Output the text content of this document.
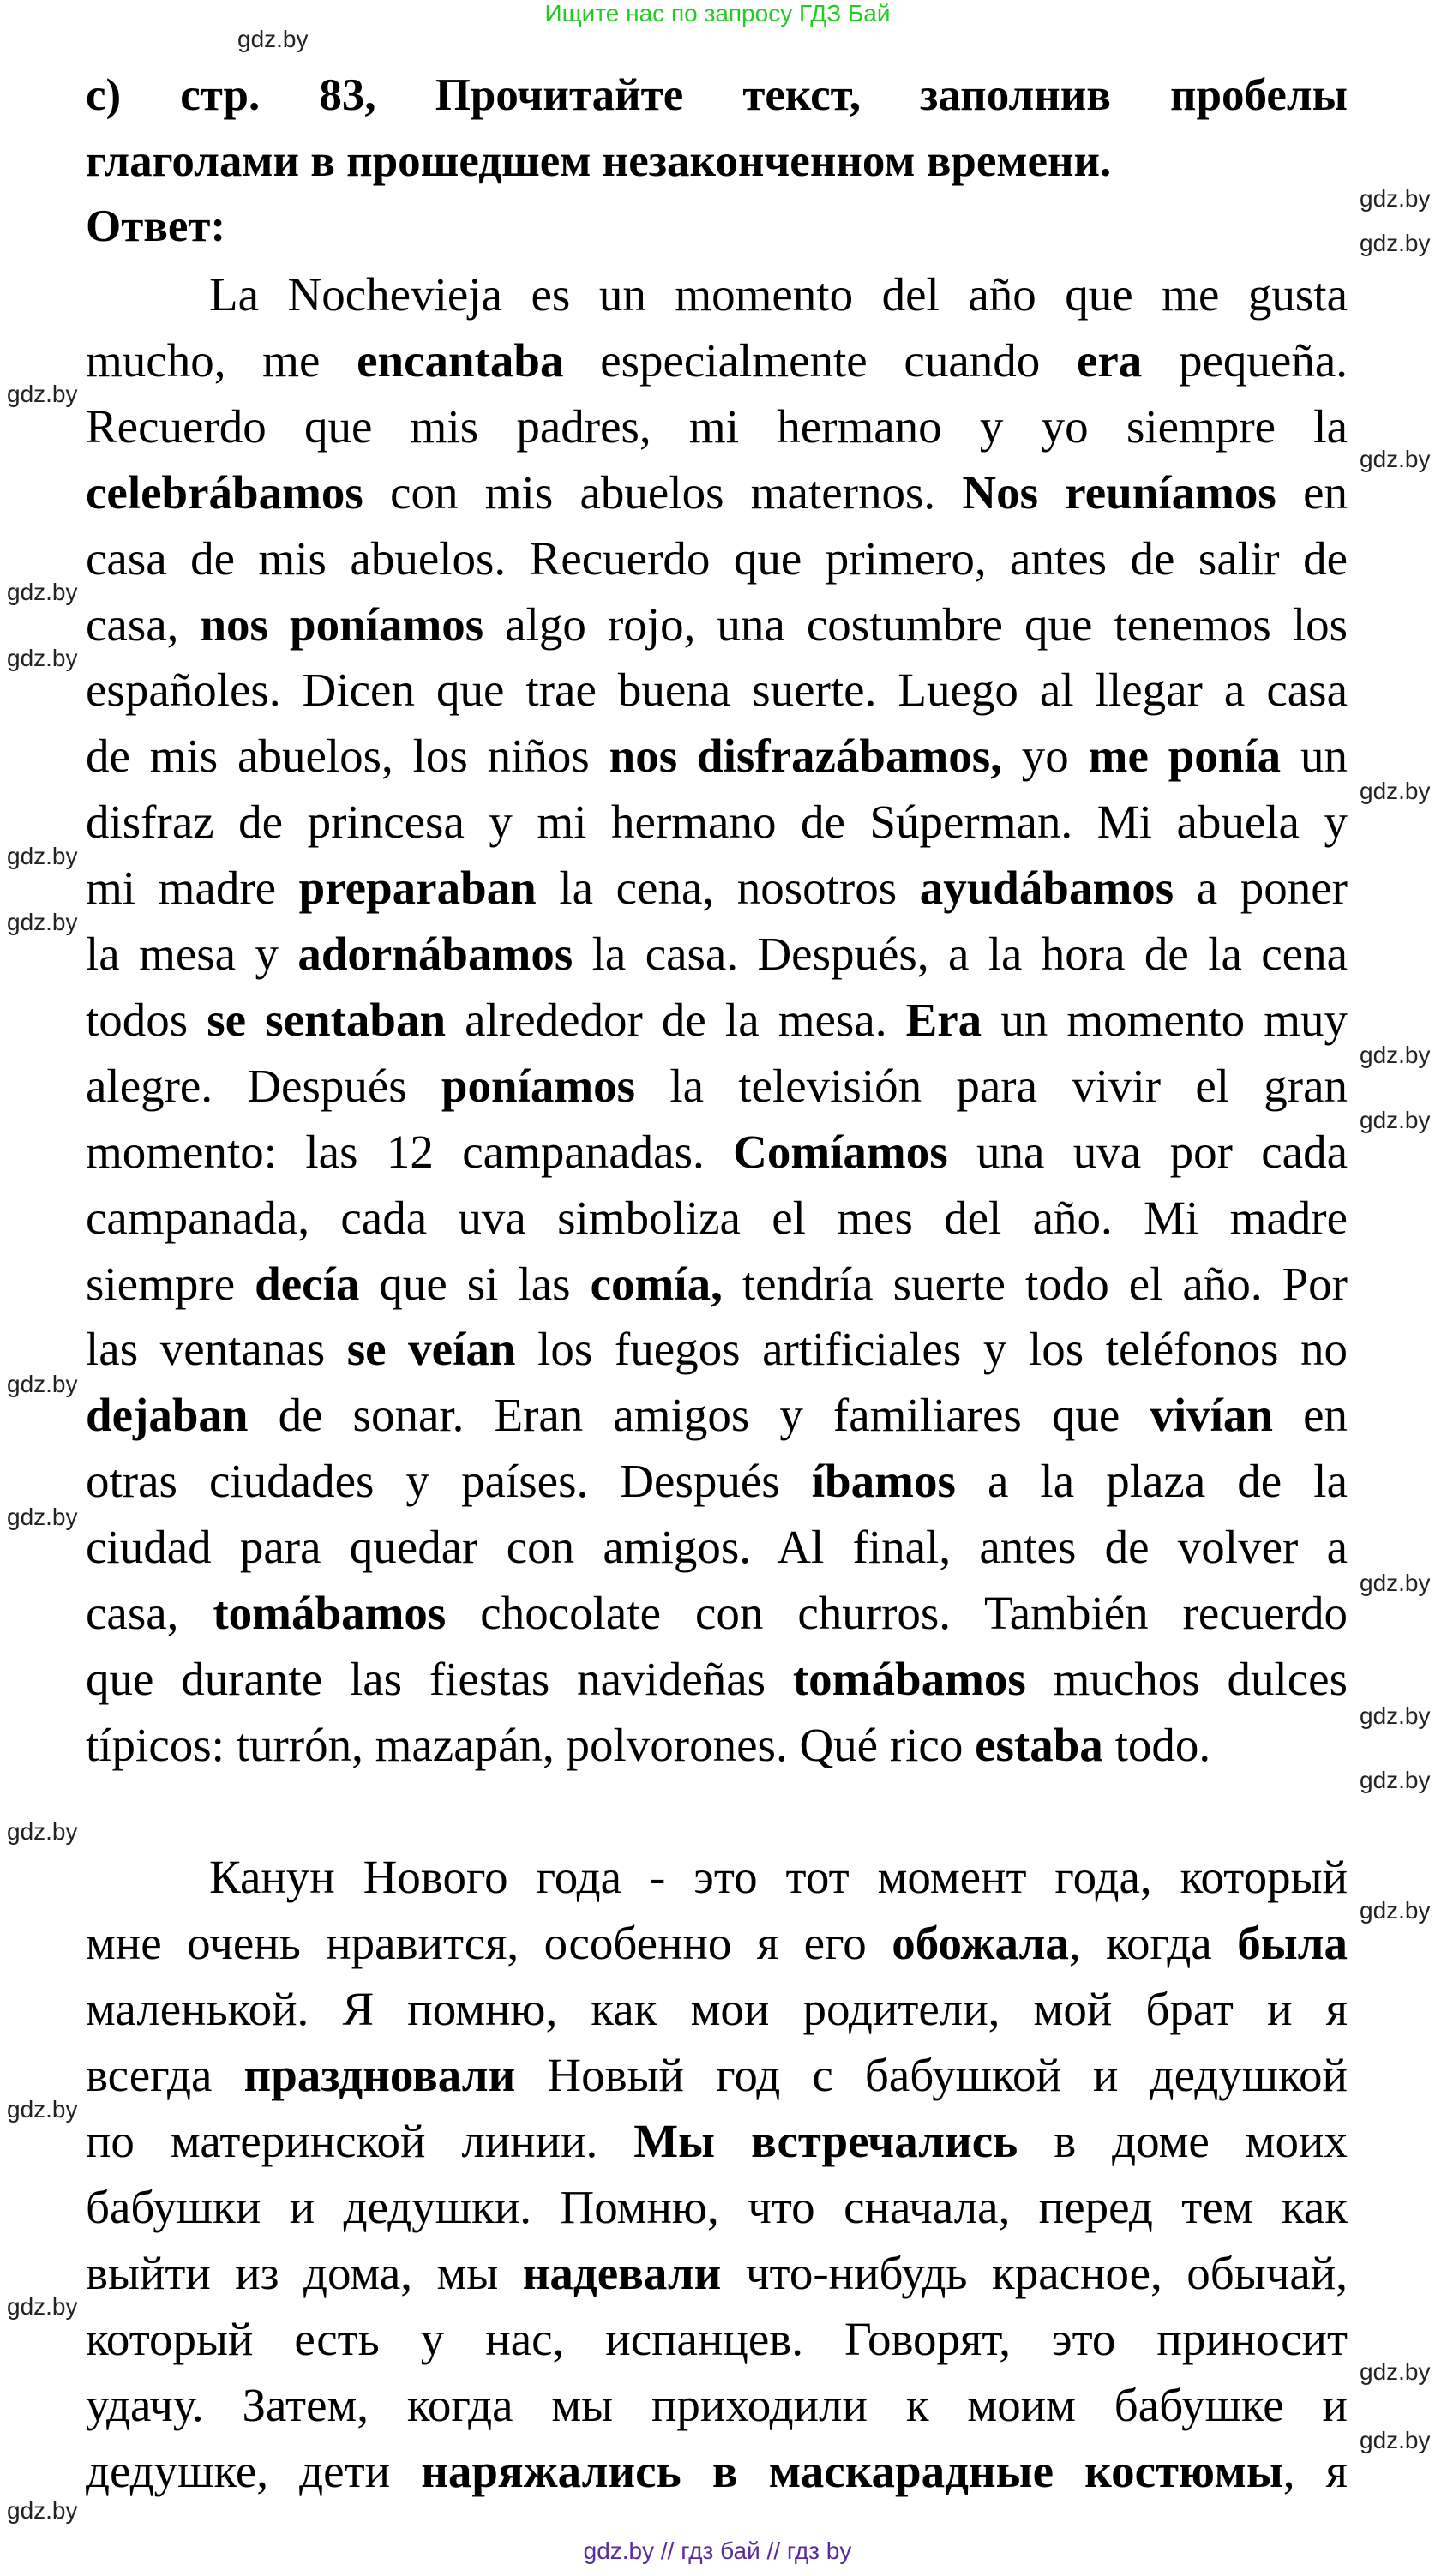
Ищите нас по запросу ГДЗ Бай
c) стр. 83, Прочитайте текст, заполнив пробелы
глаголами в прошедшем незаконченном времени.
Ответ:
La Nochevieja es un momento del año que me gusta
mucho, me encantaba especialmente cuando era pequeña.
Recuerdo que mis padres, mi hermano y yo siempre la
celebrábamos con mis abuelos maternos. Nos reuníamos en
casa de mis abuelos. Recuerdo que primero, antes de salir de
casa, nos poníamos algo rojo, una costumbre que tenemos los
españoles. Dicen que trae buena suerte. Luego al llegar a casa
de mis abuelos, los niños nos disfrazábamos, yo me ponía un
disfraz de princesa y mi hermano de Súperman. Mi abuela y
mi madre preparaban la cena, nosotros ayudábamos a poner
la mesa y adornábamos la casa. Después, a la hora de la cena
todos se sentaban alrededor de la mesa. Era un momento muy
alegre. Después poníamos la televisión para vivir el gran
momento: las 12 campanadas. Comíamos una uva por cada
campanada, cada uva simboliza el mes del año. Mi madre
siempre decía que si las comía, tendría suerte todo el año. Por
las ventanas se veían los fuegos artificiales y los teléfonos no
dejaban de sonar. Eran amigos y familiares que vivían en
otras ciudades y países. Después íbamos a la plaza de la
ciudad para quedar con amigos. Al final, antes de volver a
casa, tomábamos chocolate con churros. También recuerdo
que durante las fiestas navideñas tomábamos muchos dulces
típicos: turrón, mazapán, polvorones. Qué rico estaba todo.
Канун Нового года - это тот момент года, который
мне очень нравится, особенно я его обожала, когда была
маленькой. Я помню, как мои родители, мой брат и я
всегда праздновали Новый год с бабушкой и дедушкой
по материнской линии. Мы встречались в доме моих
бабушки и дедушки. Помню, что сначала, перед тем как
выйти из дома, мы надевали что-нибудь красное, обычай,
который есть у нас, испанцев. Говорят, это приносит
удачу. Затем, когда мы приходили к моим бабушке и
дедушке, дети наряжались в маскарадные костюмы, я
gdz.by
gdz.by
gdz.by
gdz.by
gdz.by
gdz.by
gdz.by
gdz.by
gdz.by
gdz.by
gdz.by
gdz.by
gdz.by
gdz.by
gdz.by
gdz.by
gdz.by
gdz.by
gdz.by
gdz.by
gdz.by
gdz.by
gdz.by
gdz.by
gdz.by // гдз бай // гдз by
